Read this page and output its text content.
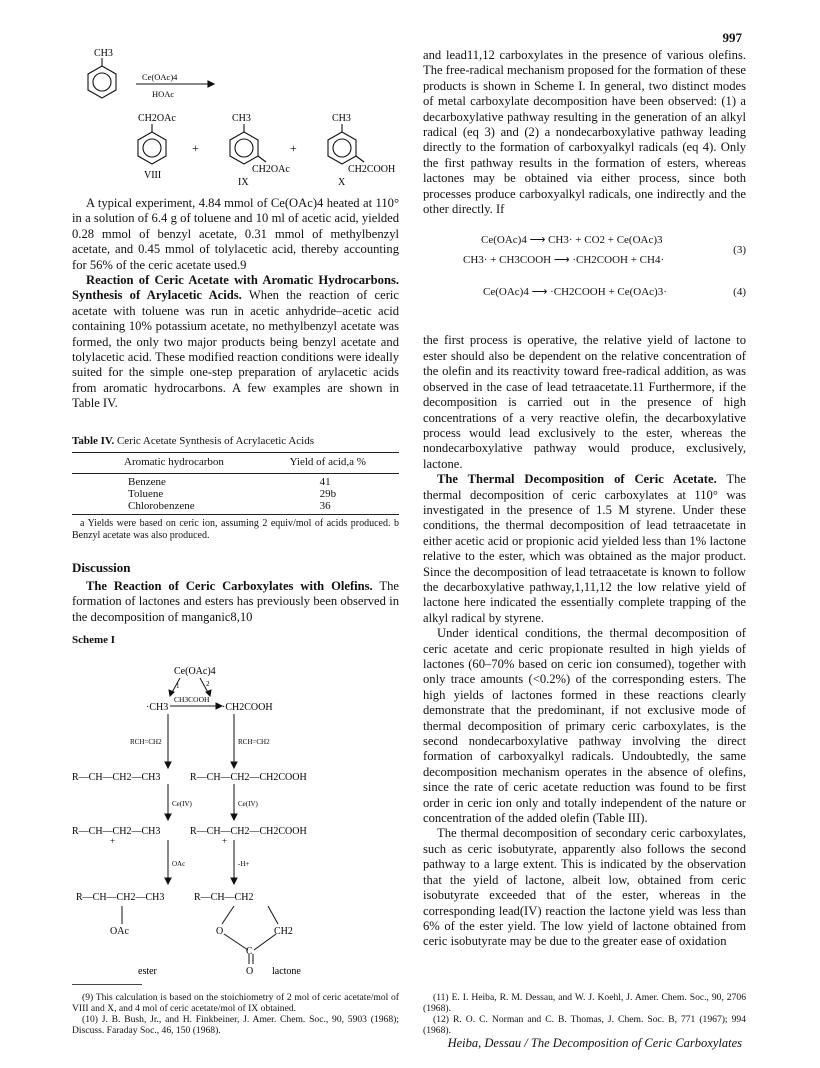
997
CH3
Ce(OAc)4
HOAc
CH2OAc
+
CH3
+
CH3
VIII
CH2OAc
IX
CH2COOH
X

A typical experiment, 4.84 mmol of Ce(OAc)4 heated at 110° in a solution of 6.4 g of toluene and 10 ml of acetic acid, yielded 0.28 mmol of benzyl acetate, 0.31 mmol of methylbenzyl acetate, and 0.45 mmol of tolylacetic acid, thereby accounting for 56% of the ceric acetate used.9

Reaction of Ceric Acetate with Aromatic Hydrocarbons. Synthesis of Arylacetic Acids. When the reaction of ceric acetate with toluene was run in acetic anhydride–acetic acid containing 10% potassium acetate, no methylbenzyl acetate was formed, the only two major products being benzyl acetate and tolylacetic acid. These modified reaction conditions were ideally suited for the simple one-step preparation of arylacetic acids from aromatic hydrocarbons. A few examples are shown in Table IV.

Table IV. Ceric Acetate Synthesis of Acrylacetic Acids
Aromatic hydrocarbon	Yield of acid,a %
Benzene	41
Toluene	29b
Chlorobenzene	36
a Yields were based on ceric ion, assuming 2 equiv/mol of acids produced. b Benzyl acetate was also produced.
Discussion

The Reaction of Ceric Carboxylates with Olefins. The formation of lactones and esters has previously been observed in the decomposition of manganic8,10

Scheme I
Ce(OAc)4
1	2
·CH3
CH3COOH
·CH2COOH
RCH=CH2	RCH=CH2
R—CH—CH2—CH3	R—CH—CH2—CH2COOH
Ce(IV)	Ce(IV)
R—CH—CH2—CH3	R—CH—CH2—CH2COOH
+	+
OAc	-H+
R—CH—CH2—CH3
OAc
R—CH—CH2
O	CH2
C
O
ester	lactone

and lead11,12 carboxylates in the presence of various olefins. The free-radical mechanism proposed for the formation of these products is shown in Scheme I. In general, two distinct modes of metal carboxylate decomposition have been observed: (1) a decarboxylative pathway resulting in the generation of an alkyl radical (eq 3) and (2) a nondecarboxylative pathway leading directly to the formation of carboxyalkyl radicals (eq 4). Only the first pathway results in the formation of esters, whereas lactones may be obtained via either process, since both processes produce carboxyalkyl radicals, one indirectly and the other directly. If

Ce(OAc)4 ⟶ CH3· + CO2 + Ce(OAc)3
CH3· + CH3COOH ⟶ ·CH2COOH + CH4·
(3)
Ce(OAc)4 ⟶ ·CH2COOH + Ce(OAc)3·	(4)

the first process is operative, the relative yield of lactone to ester should also be dependent on the relative concentration of the olefin and its reactivity toward free-radical addition, as was observed in the case of lead tetraacetate.11 Furthermore, if the decomposition is carried out in the presence of high concentrations of a very reactive olefin, the decarboxylative process would lead exclusively to the ester, whereas the nondecarboxylative pathway would produce, exclusively, lactone.

The Thermal Decomposition of Ceric Acetate. The thermal decomposition of ceric carboxylates at 110° was investigated in the presence of 1.5 M styrene. Under these conditions, the thermal decomposition of lead tetraacetate in either acetic acid or propionic acid yielded less than 1% lactone relative to the ester, which was obtained as the major product. Since the decomposition of lead tetraacetate is known to follow the decarboxylative pathway,1,11,12 the low relative yield of lactone here indicated the essentially complete trapping of the alkyl radical by styrene.

Under identical conditions, the thermal decomposition of ceric acetate and ceric propionate resulted in high yields of lactones (60–70% based on ceric ion consumed), together with only trace amounts (<0.2%) of the corresponding esters. The high yields of lactones formed in these reactions clearly demonstrate that the predominant, if not exclusive mode of thermal decomposition of primary ceric carboxylates, is the second nondecarboxylative pathway involving the direct formation of carboxyalkyl radicals. Undoubtedly, the same decomposition mechanism operates in the absence of olefins, since the rate of ceric acetate reduction was found to be first order in ceric ion only and totally independent of the nature or concentration of the added olefin (Table III).

The thermal decomposition of secondary ceric carboxylates, such as ceric isobutyrate, apparently also follows the second pathway to a large extent. This is indicated by the observation that the yield of lactone, albeit low, obtained from ceric isobutyrate exceeded that of the ester, whereas in the corresponding lead(IV) reaction the lactone yield was less than 6% of the ester yield. The low yield of lactone obtained from ceric isobutyrate may be due to the greater ease of oxidation

(9) This calculation is based on the stoichiometry of 2 mol of ceric acetate/mol of VIII and X, and 4 mol of ceric acetate/mol of IX obtained.

(10) J. B. Bush, Jr., and H. Finkbeiner, J. Amer. Chem. Soc., 90, 5903 (1968); Discuss. Faraday Soc., 46, 150 (1968).

(11) E. I. Heiba, R. M. Dessau, and W. J. Koehl, J. Amer. Chem. Soc., 90, 2706 (1968).

(12) R. O. C. Norman and C. B. Thomas, J. Chem. Soc. B, 771 (1967); 994 (1968).

Heiba, Dessau / The Decomposition of Ceric Carboxylates
